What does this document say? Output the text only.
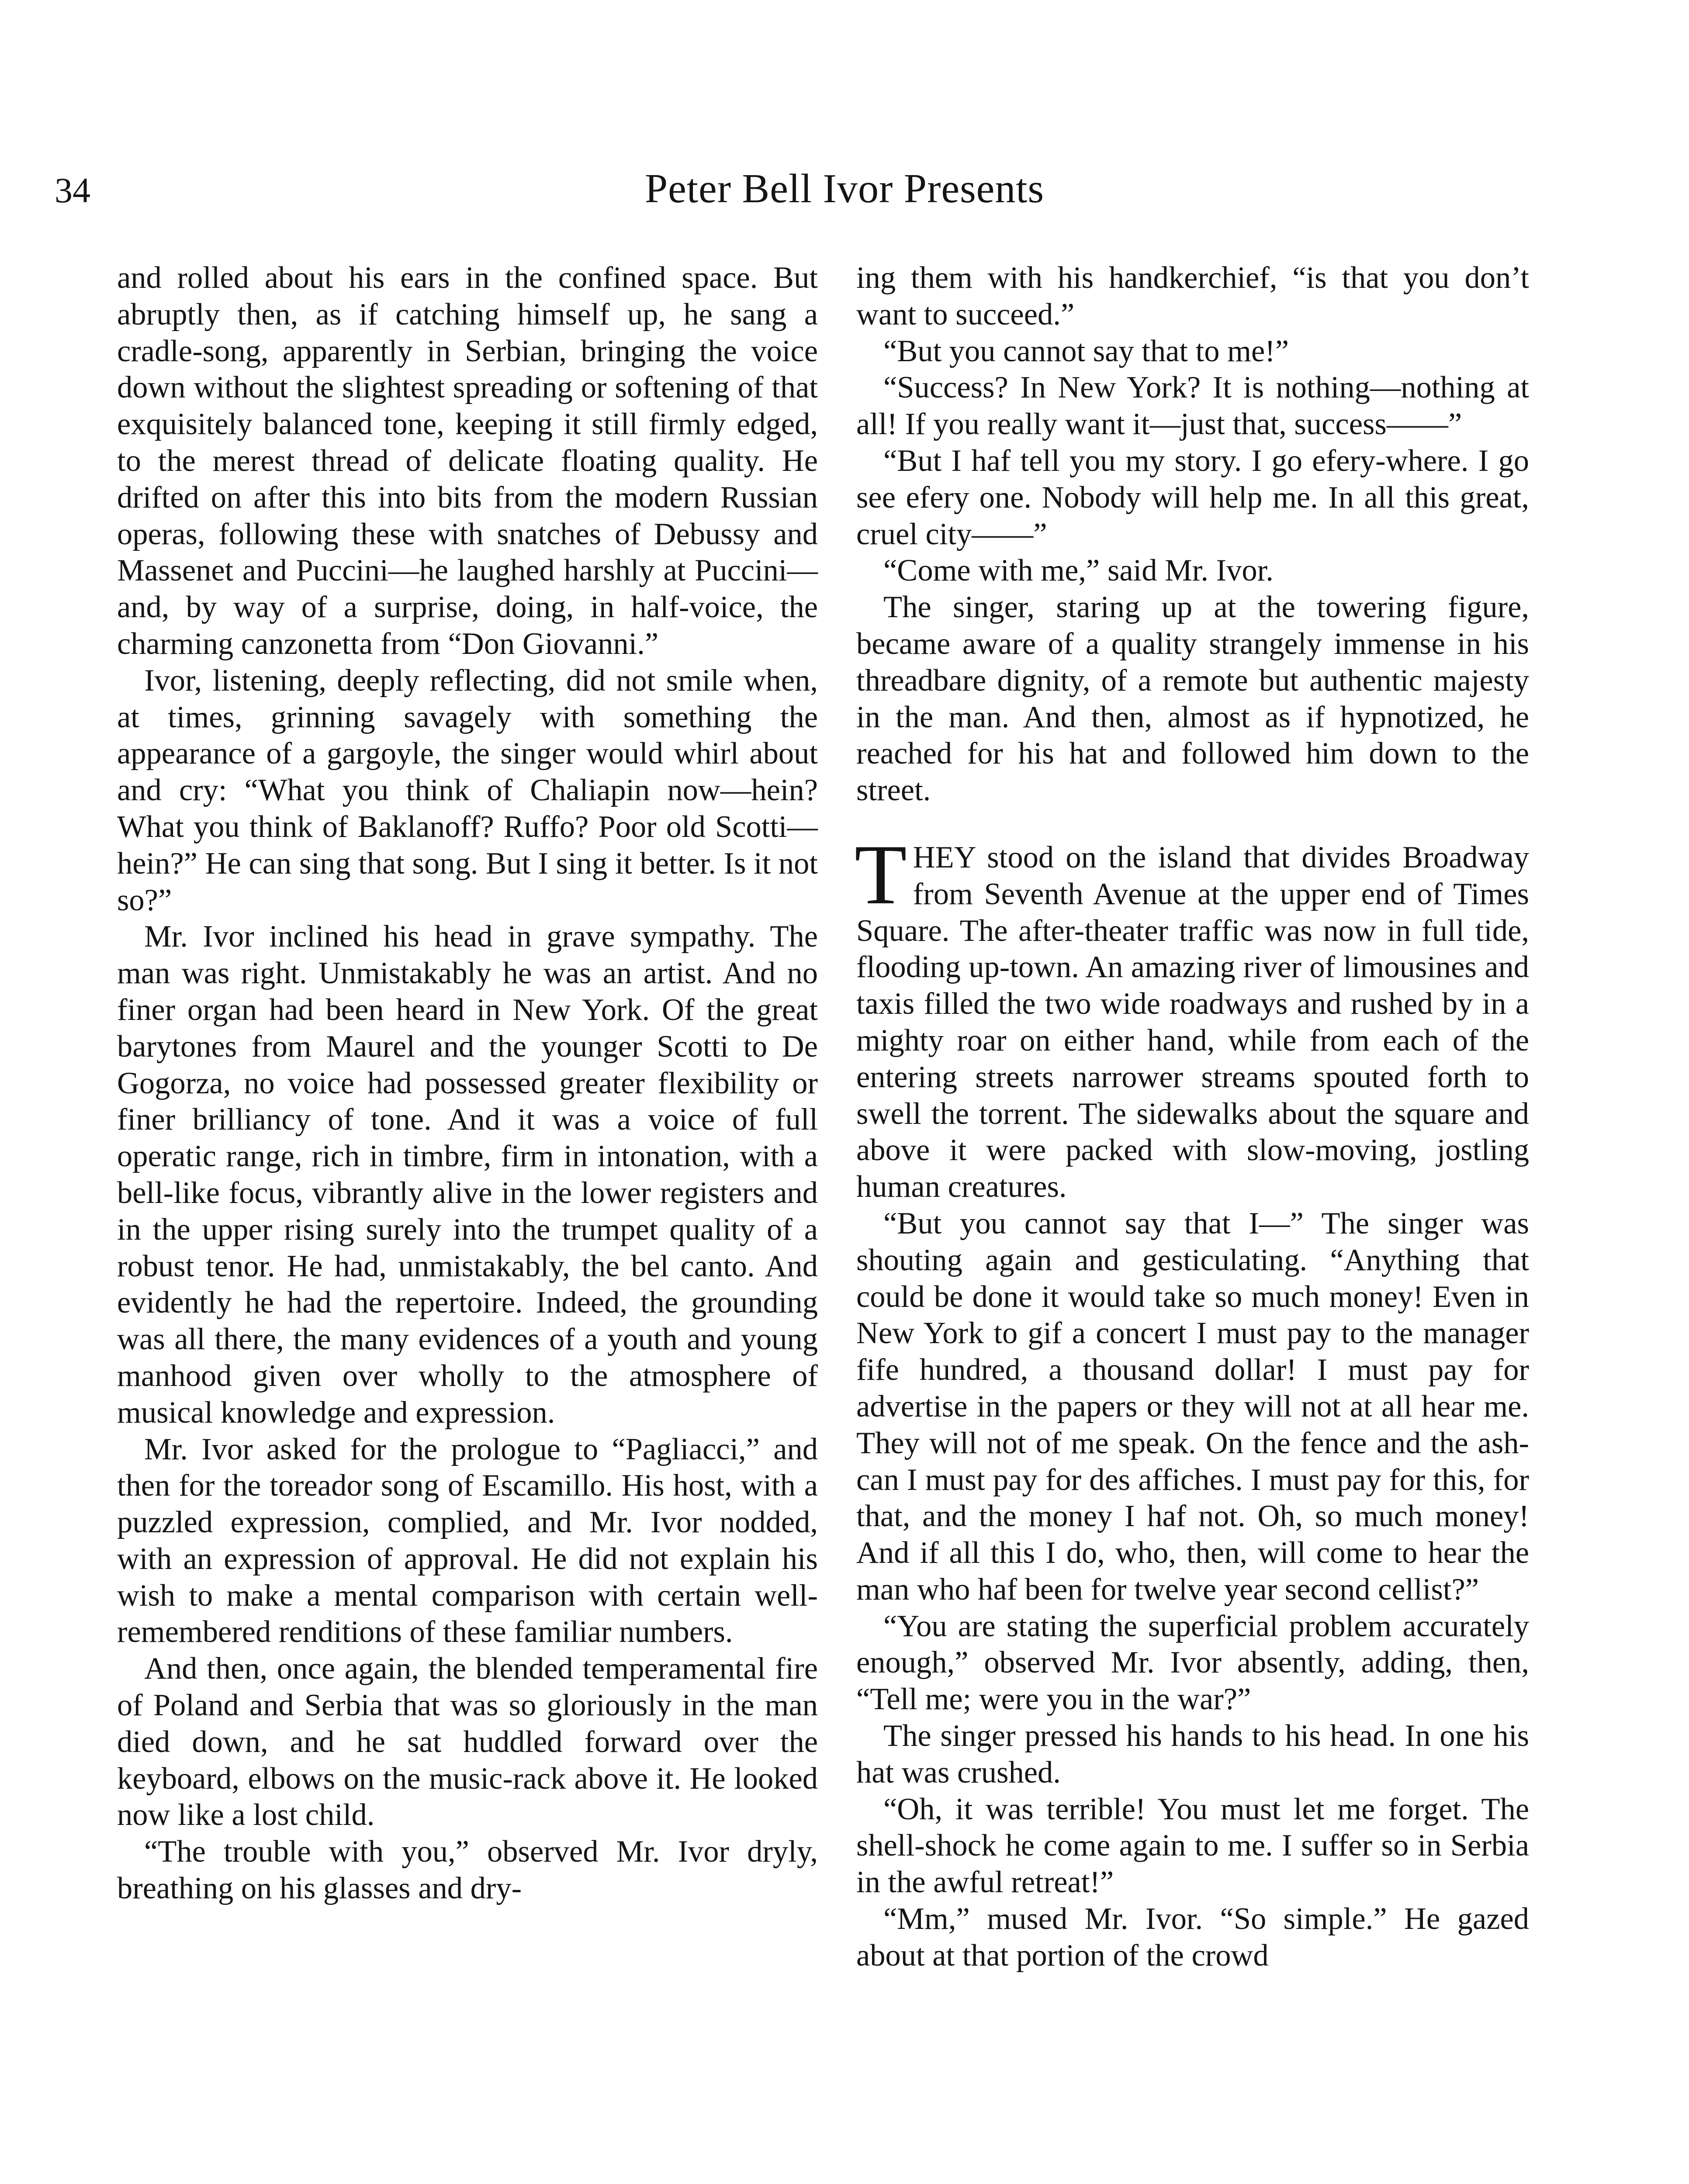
34	Peter Bell Ivor Presents

and rolled about his ears in the confined space. But abruptly then, as if catching himself up, he sang a cradle-song, apparently in Serbian, bringing the voice down without the slightest spreading or softening of that exquisitely balanced tone, keeping it still firmly edged, to the merest thread of delicate floating quality. He drifted on after this into bits from the modern Russian operas, following these with snatches of Debussy and Massenet and Puccini—he laughed harshly at Puccini—and, by way of a surprise, doing, in half-voice, the charming canzonetta from “Don Giovanni.”

Ivor, listening, deeply reflecting, did not smile when, at times, grinning savagely with something the appearance of a gargoyle, the singer would whirl about and cry: “What you think of Chaliapin now—hein? What you think of Baklanoff? Ruffo? Poor old Scotti—hein?” He can sing that song. But I sing it better. Is it not so?”

Mr. Ivor inclined his head in grave sympathy. The man was right. Unmistakably he was an artist. And no finer organ had been heard in New York. Of the great barytones from Maurel and the younger Scotti to De Gogorza, no voice had possessed greater flexibility or finer brilliancy of tone. And it was a voice of full operatic range, rich in timbre, firm in intonation, with a bell-like focus, vibrantly alive in the lower registers and in the upper rising surely into the trumpet quality of a robust tenor. He had, unmistakably, the bel canto. And evidently he had the repertoire. Indeed, the grounding was all there, the many evidences of a youth and young manhood given over wholly to the atmosphere of musical knowledge and expression.

Mr. Ivor asked for the prologue to “Pagliacci,” and then for the toreador song of Escamillo. His host, with a puzzled expression, complied, and Mr. Ivor nodded, with an expression of approval. He did not explain his wish to make a mental comparison with certain well-remembered renditions of these familiar numbers.

And then, once again, the blended temperamental fire of Poland and Serbia that was so gloriously in the man died down, and he sat huddled forward over the keyboard, elbows on the music-rack above it. He looked now like a lost child.

“The trouble with you,” observed Mr. Ivor dryly, breathing on his glasses and dry-

ing them with his handkerchief, “is that you don’t want to succeed.”

“But you cannot say that to me!”

“Success? In New York? It is nothing—nothing at all! If you really want it—just that, success——”

“But I haf tell you my story. I go efery-where. I go see efery one. Nobody will help me. In all this great, cruel city——”

“Come with me,” said Mr. Ivor.

The singer, staring up at the towering figure, became aware of a quality strangely immense in his threadbare dignity, of a remote but authentic majesty in the man. And then, almost as if hypnotized, he reached for his hat and followed him down to the street.

THEY stood on the island that divides Broadway from Seventh Avenue at the upper end of Times Square. The after-theater traffic was now in full tide, flooding up-town. An amazing river of limousines and taxis filled the two wide roadways and rushed by in a mighty roar on either hand, while from each of the entering streets narrower streams spouted forth to swell the torrent. The sidewalks about the square and above it were packed with slow-moving, jostling human creatures.

“But you cannot say that I—” The singer was shouting again and gesticulating. “Anything that could be done it would take so much money! Even in New York to gif a concert I must pay to the manager fife hundred, a thousand dollar! I must pay for advertise in the papers or they will not at all hear me. They will not of me speak. On the fence and the ash-can I must pay for des affiches. I must pay for this, for that, and the money I haf not. Oh, so much money! And if all this I do, who, then, will come to hear the man who haf been for twelve year second cellist?”

“You are stating the superficial problem accurately enough,” observed Mr. Ivor absently, adding, then, “Tell me; were you in the war?”

The singer pressed his hands to his head. In one his hat was crushed.

“Oh, it was terrible! You must let me forget. The shell-shock he come again to me. I suffer so in Serbia in the awful retreat!”

“Mm,” mused Mr. Ivor. “So simple.” He gazed about at that portion of the crowd
